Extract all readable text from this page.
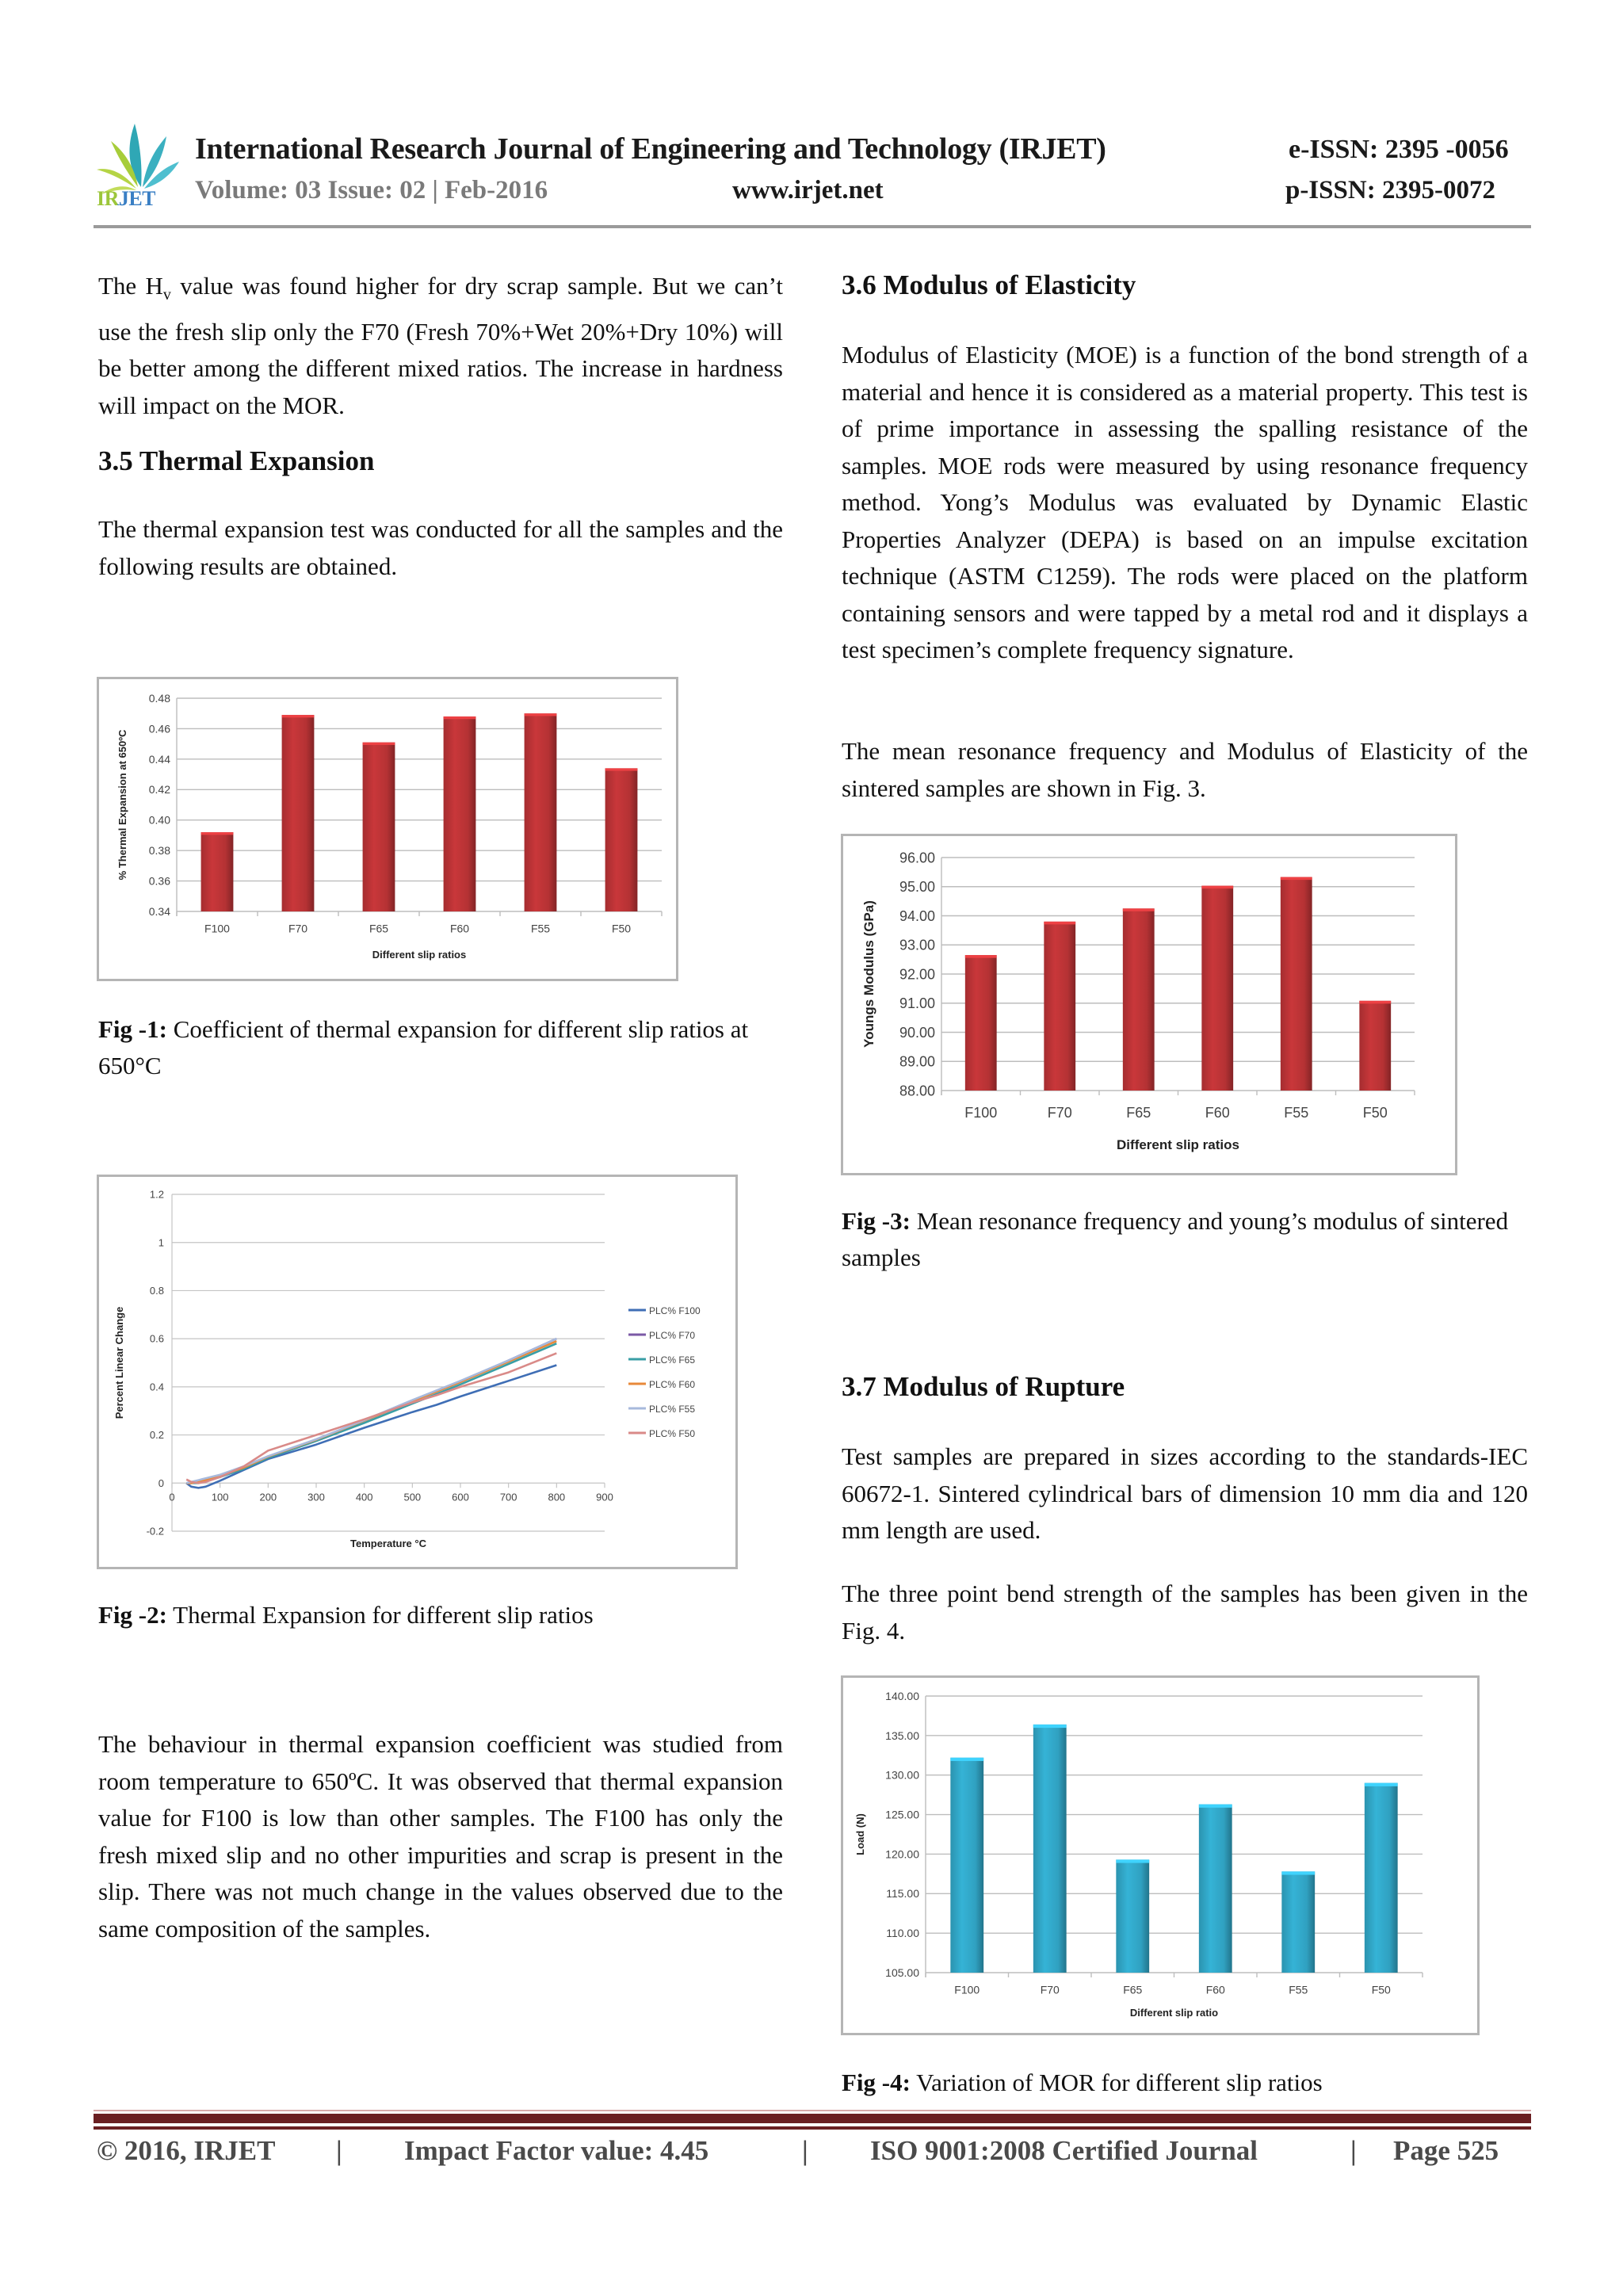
IRJET
International Research Journal of Engineering and Technology (IRJET)	e-ISSN: 2395 -0056
Volume: 03 Issue: 02 | Feb-2016	www.irjet.net	p-ISSN: 2395-0072
The $H_v$ value was found higher for dry scrap sample. But we can’t use the fresh slip only the F70 (Fresh 70%+Wet 20%+Dry 10%) will be better among the different mixed ratios. The increase in hardness will impact on the MOR.
3.5 Thermal Expansion
The thermal expansion test was conducted for all the samples and the following results are obtained.
0.34
0.36
0.38
0.40
0.42
0.44
0.46
0.48
F100	F70	F65	F60	F55	F50
Different slip ratios
% Thermal Expansion at 650ºC
Fig -1: Coefficient of thermal expansion for different slip ratios at 650°C
-0.2
0
0.2
0.4
0.6
0.8
1
1.2
0	100	200	300	400	500	600	700	800	900
PLC% F100
PLC% F70
PLC% F65
PLC% F60
PLC% F55
PLC% F50
Temperature °C
Percent Linear Change
Fig -2: Thermal Expansion for different slip ratios
The behaviour in thermal expansion coefficient was studied from room temperature to 650ºC. It was observed that thermal expansion value for F100 is low than other samples. The F100 has only the fresh mixed slip and no other impurities and scrap is present in the slip. There was not much change in the values observed due to the same composition of the samples.
3.6 Modulus of Elasticity
Modulus of Elasticity (MOE) is a function of the bond strength of a material and hence it is considered as a material property. This test is of prime importance in assessing the spalling resistance of the samples. MOE rods were measured by using resonance frequency method. Yong’s Modulus was evaluated by Dynamic Elastic Properties Analyzer (DEPA) is based on an impulse excitation technique (ASTM C1259). The rods were placed on the platform containing sensors and were tapped by a metal rod and it displays a test specimen’s complete frequency signature.
The mean resonance frequency and Modulus of Elasticity of the sintered samples are shown in Fig. 3.
88.00
89.00
90.00
91.00
92.00
93.00
94.00
95.00
96.00
F100	F70	F65	F60	F55	F50
Different slip ratios
Youngs Modulus (GPa)
Fig -3: Mean resonance frequency and young’s modulus of sintered samples
3.7 Modulus of Rupture
Test samples are prepared in sizes according to the standards-IEC 60672-1. Sintered cylindrical bars of dimension 10 mm dia and 120 mm length are used.
The three point bend strength of the samples has been given in the Fig. 4.
105.00
110.00
115.00
120.00
125.00
130.00
135.00
140.00
F100	F70	F65	F60	F55	F50
Different slip ratio
Load (N)
Fig -4: Variation of MOR for different slip ratios
© 2016, IRJET | Impact Factor value: 4.45	| ISO 9001:2008 Certified Journal	| Page 525
